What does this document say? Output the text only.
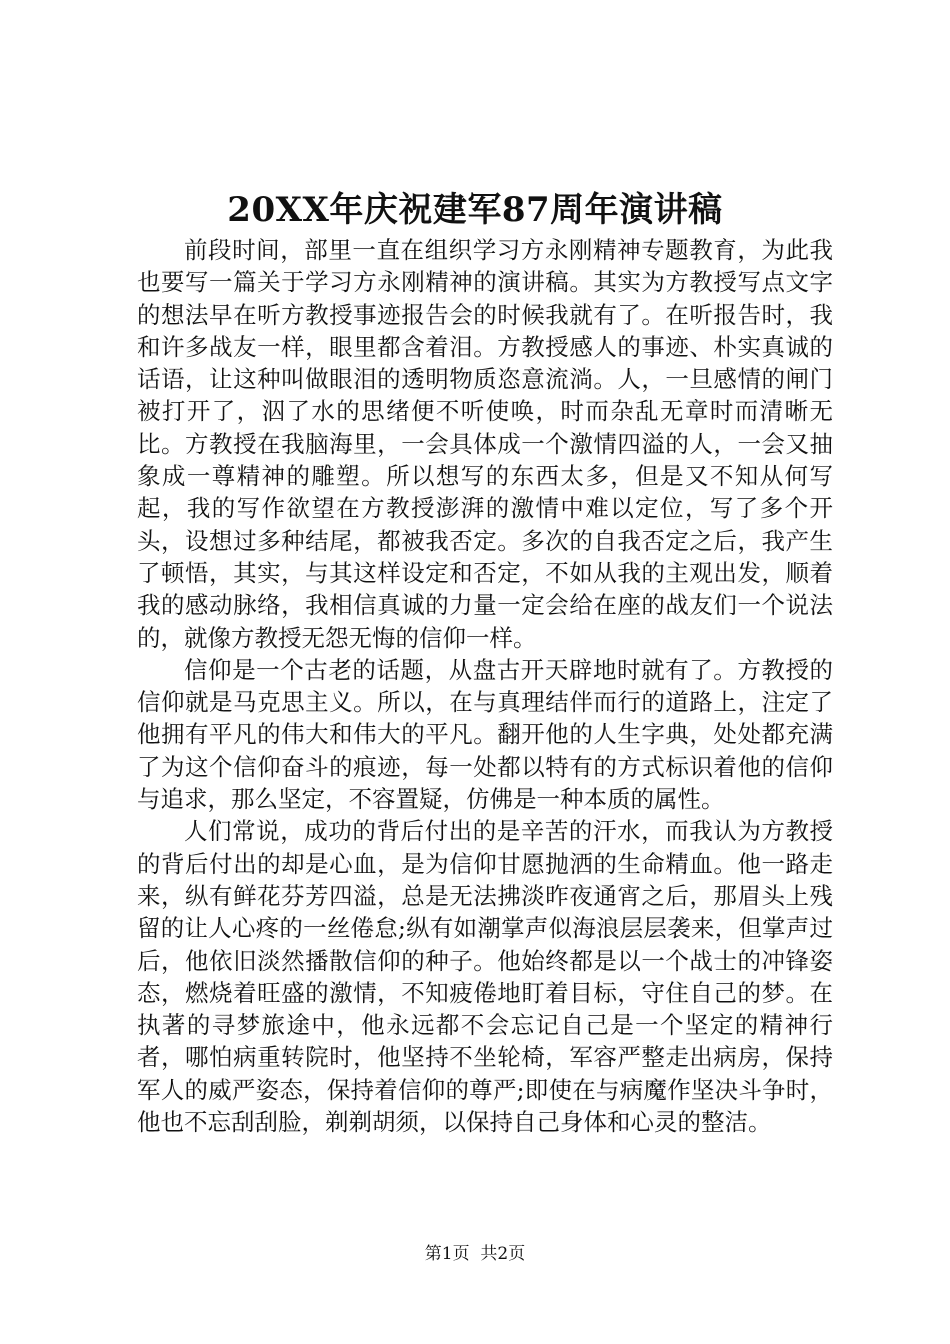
20XX年庆祝建军87周年演讲稿

前段时间，部里一直在组织学习方永刚精神专题教育，为此我也要写一篇关于学习方永刚精神的演讲稿。其实为方教授写点文字的想法早在听方教授事迹报告会的时候我就有了。在听报告时，我和许多战友一样，眼里都含着泪。方教授感人的事迹、朴实真诚的话语，让这种叫做眼泪的透明物质恣意流淌。人，一旦感情的闸门被打开了，泅了水的思绪便不听使唤，时而杂乱无章时而清晰无比。方教授在我脑海里，一会具体成一个激情四溢的人，一会又抽象成一尊精神的雕塑。所以想写的东西太多，但是又不知从何写起，我的写作欲望在方教授澎湃的激情中难以定位，写了多个开头，设想过多种结尾，都被我否定。多次的自我否定之后，我产生了顿悟，其实，与其这样设定和否定，不如从我的主观出发，顺着我的感动脉络，我相信真诚的力量一定会给在座的战友们一个说法的，就像方教授无怨无悔的信仰一样。

信仰是一个古老的话题，从盘古开天辟地时就有了。方教授的信仰就是马克思主义。所以，在与真理结伴而行的道路上，注定了他拥有平凡的伟大和伟大的平凡。翻开他的人生字典，处处都充满了为这个信仰奋斗的痕迹，每一处都以特有的方式标识着他的信仰与追求，那么坚定，不容置疑，仿佛是一种本质的属性。

人们常说，成功的背后付出的是辛苦的汗水，而我认为方教授的背后付出的却是心血，是为信仰甘愿抛洒的生命精血。他一路走来，纵有鲜花芬芳四溢，总是无法拂淡昨夜通宵之后，那眉头上残留的让人心疼的一丝倦怠;纵有如潮掌声似海浪层层袭来，但掌声过后，他依旧淡然播散信仰的种子。他始终都是以一个战士的冲锋姿态，燃烧着旺盛的激情，不知疲倦地盯着目标，守住自己的梦。在执著的寻梦旅途中，他永远都不会忘记自己是一个坚定的精神行者，哪怕病重转院时，他坚持不坐轮椅，军容严整走出病房，保持军人的威严姿态，保持着信仰的尊严;即使在与病魔作坚决斗争时，他也不忘刮刮脸，剃剃胡须，以保持自己身体和心灵的整洁。

第1页 共2页
